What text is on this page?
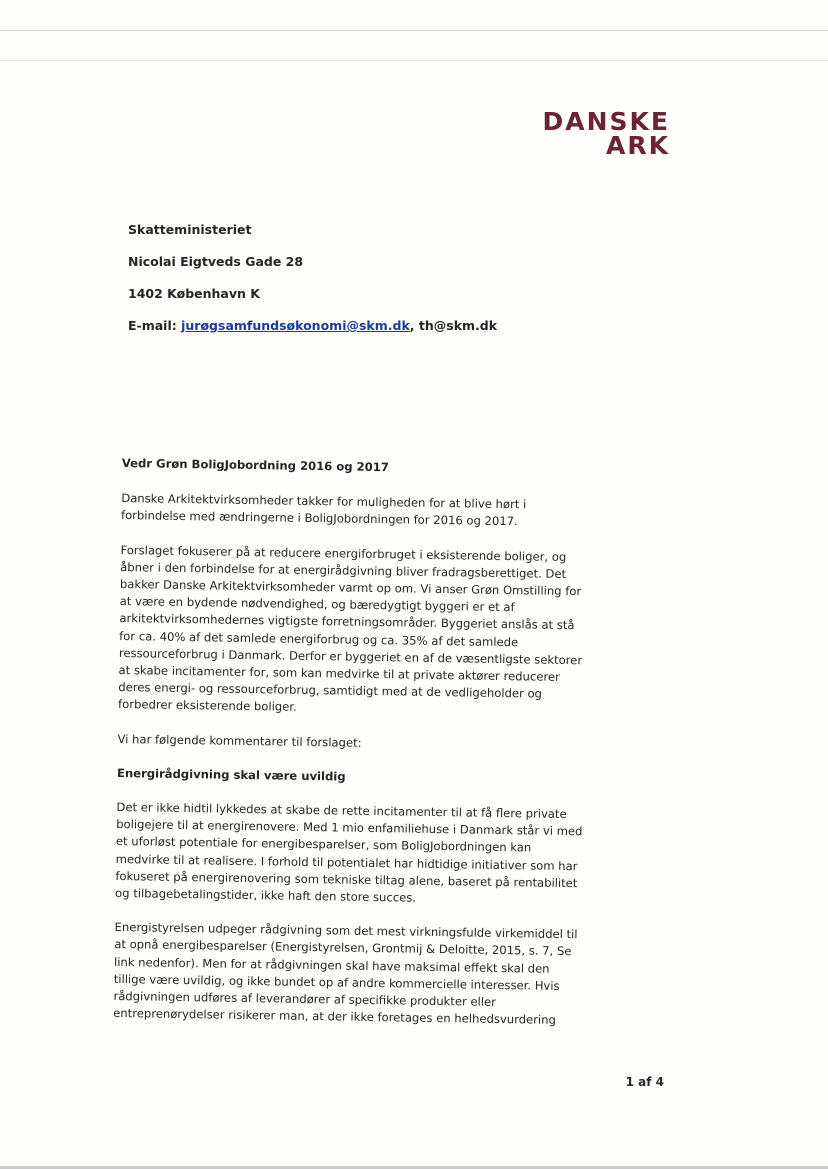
DANSKE
ARK
Skatteministeriet
Nicolai Eigtveds Gade 28
1402 København K
E-mail: jurøgsamfundsøkonomi@skm.dk, th@skm.dk

Vedr Grøn BoligJobordning 2016 og 2017

Danske Arkitektvirksomheder takker for muligheden for at blive hørt i forbindelse med ændringerne i BoligJobordningen for 2016 og 2017.

Forslaget fokuserer på at reducere energiforbruget i eksisterende boliger, og åbner i den forbindelse for at energirådgivning bliver fradragsberettiget. Det bakker Danske Arkitektvirksomheder varmt op om. Vi anser Grøn Omstilling for at være en bydende nødvendighed, og bæredygtigt byggeri er et af arkitektvirksomhedernes vigtigste forretningsområder. Byggeriet anslås at stå for ca. 40% af det samlede energiforbrug og ca. 35% af det samlede ressourceforbrug i Danmark. Derfor er byggeriet en af de væsentligste sektorer at skabe incitamenter for, som kan medvirke til at private aktører reducerer deres energi- og ressourceforbrug, samtidigt med at de vedligeholder og forbedrer eksisterende boliger.

Vi har følgende kommentarer til forslaget:

Energirådgivning skal være uvildig

Det er ikke hidtil lykkedes at skabe de rette incitamenter til at få flere private boligejere til at energirenovere. Med 1 mio enfamiliehuse i Danmark står vi med et uforløst potentiale for energibesparelser, som BoligJobordningen kan medvirke til at realisere. I forhold til potentialet har hidtidige initiativer som har fokuseret på energirenovering som tekniske tiltag alene, baseret på rentabilitet og tilbagebetalingstider, ikke haft den store succes.

Energistyrelsen udpeger rådgivning som det mest virkningsfulde virkemiddel til at opnå energibesparelser (Energistyrelsen, Grontmij & Deloitte, 2015, s. 7, Se link nedenfor). Men for at rådgivningen skal have maksimal effekt skal den tillige være uvildig, og ikke bundet op af andre kommercielle interesser. Hvis rådgivningen udføres af leverandører af specifikke produkter eller entreprenørydelser risikerer man, at der ikke foretages en helhedsvurdering

1 af 4
